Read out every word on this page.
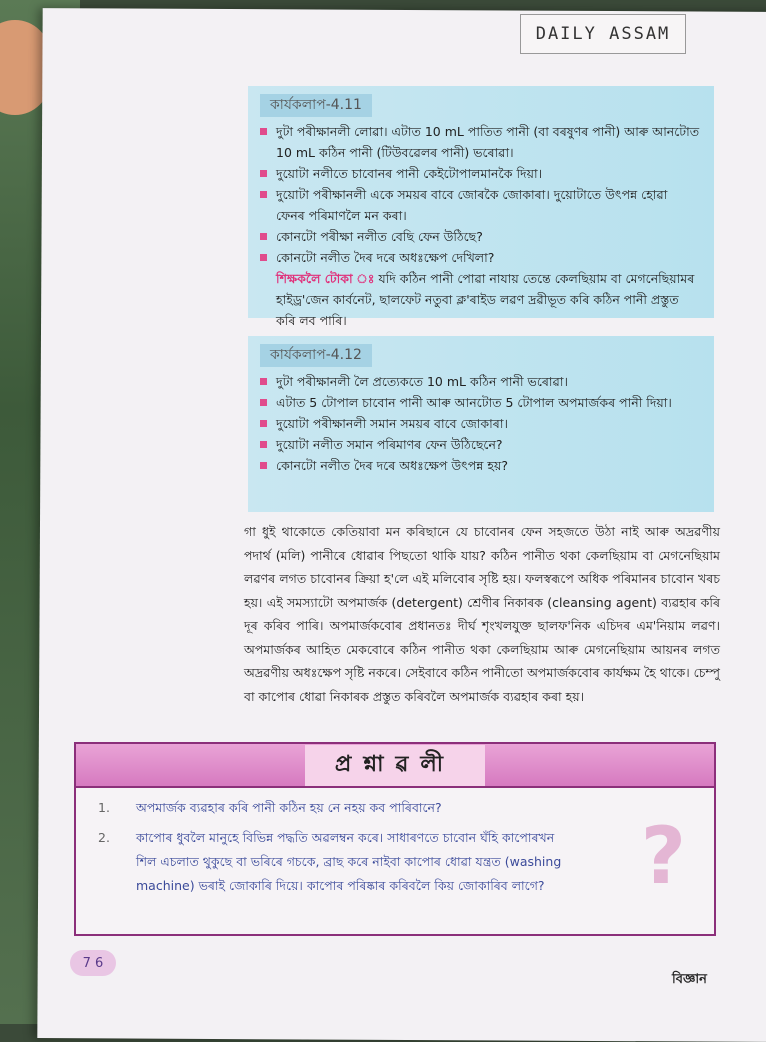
DAILY ASSAM
কাৰ্যকলাপ-4.11
দুটা পৰীক্ষানলী লোৱা। এটাত 10 mL পাতিত পানী (বা বৰষুণৰ পানী) আৰু আনটোত 10 mL কঠিন পানী (টিউবৱেলৰ পানী) ভৰোৱা।
দুয়োটা নলীতে চাবোনৰ পানী কেইটোপালমানকৈ দিয়া।
দুয়োটা পৰীক্ষানলী একে সময়ৰ বাবে জোৰকৈ জোকাৰা। দুয়োটাতে উৎপন্ন হোৱা ফেনৰ পৰিমাণলৈ মন কৰা।
কোনটো পৰীক্ষা নলীত বেছি ফেন উঠিছে?
কোনটো নলীত দৈৰ দৰে অধঃক্ষেপ দেখিলা?
শিক্ষকলৈ টোকা ঃ যদি কঠিন পানী পোৱা নাযায় তেন্তে কেলছিয়াম বা মেগনেছিয়ামৰ হাইড্ৰ'জেন কাৰ্বনেট, ছালফেট নতুবা ক্ল'ৰাইড লৱণ দ্ৰৱীভূত কৰি কঠিন পানী প্ৰস্তুত কৰি লব পাৰি।
কাৰ্যকলাপ-4.12
দুটা পৰীক্ষানলী লৈ প্ৰত্যেকতে 10 mL কঠিন পানী ভৰোৱা।
এটাত 5 টোপাল চাবোন পানী আৰু আনটোত 5 টোপাল অপমাৰ্জকৰ পানী দিয়া।
দুয়োটা পৰীক্ষানলী সমান সময়ৰ বাবে জোকাৰা।
দুয়োটা নলীত সমান পৰিমাণৰ ফেন উঠিছেনে?
কোনটো নলীত দৈৰ দৰে অধঃক্ষেপ উৎপন্ন হয়?
গা ধুই থাকোতে কেতিয়াবা মন কৰিছানে যে চাবোনৰ ফেন সহজতে উঠা নাই আৰু অদ্ৰৱণীয় পদাৰ্থ (মলি) পানীৰে ধোৱাৰ পিছতো থাকি যায়? কঠিন পানীত থকা কেলছিয়াম বা মেগনেছিয়াম লৱণৰ লগত চাবোনৰ ক্ৰিয়া হ'লে এই মলিবোৰ সৃষ্টি হয়। ফলস্বৰূপে অধিক পৰিমানৰ চাবোন খৰচ হয়। এই সমস্যাটো অপমাৰ্জক (detergent) শ্ৰেণীৰ নিকাৰক (cleansing agent) ব্যৱহাৰ কৰি দূৰ কৰিব পাৰি। অপমাৰ্জকবোৰ প্ৰধানতঃ দীৰ্ঘ শৃংখলযুক্ত ছালফ'নিক এচিদৰ এম'নিয়াম লৱণ। অপমাৰ্জকৰ আহিত মেকবোৰে কঠিন পানীত থকা কেলছিয়াম আৰু মেগনেছিয়াম আয়নৰ লগত অদ্ৰৱণীয় অধঃক্ষেপ সৃষ্টি নকৰে। সেইবাবে কঠিন পানীতো অপমাৰ্জকবোৰ কাৰ্যক্ষম হৈ থাকে। চেম্পু বা কাপোৰ ধোৱা নিকাৰক প্ৰস্তুত কৰিবলৈ অপমাৰ্জক ব্যৱহাৰ কৰা হয়।
প্ৰশ্নাৱলী
1.	অপমাৰ্জক ব্যৱহাৰ কৰি পানী কঠিন হয় নে নহয় কব পাৰিবানে?
2.	কাপোৰ ধুবলৈ মানুহে বিভিন্ন পদ্ধতি অৱলম্বন কৰে। সাধাৰণতে চাবোন ঘঁহি কাপোৰখন শিল এচলাত থুকুছে বা ভৰিৰে গচকে, ব্ৰাছ কৰে নাইবা কাপোৰ ধোৱা যন্ত্ৰত (washing machine) ভৰাই জোকাৰি দিয়ে। কাপোৰ পৰিষ্কাৰ কৰিবলৈ কিয় জোকাৰিব লাগে?	?
7 6
বিজ্ঞান
